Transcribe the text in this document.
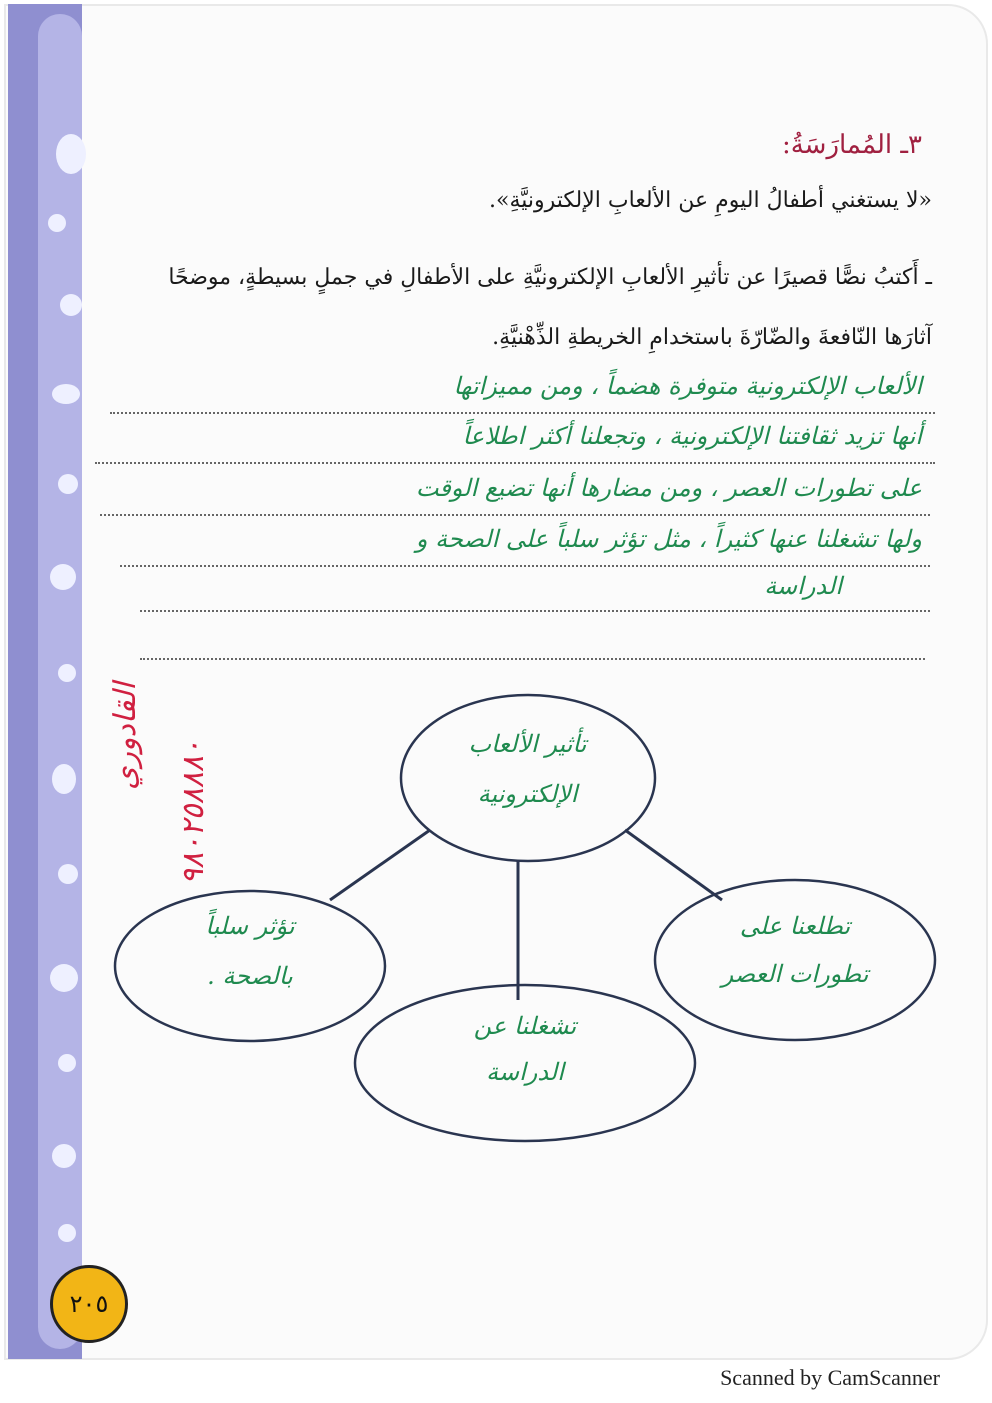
٣ـ المُمارَسَةُ:
«لا يستغني أطفالُ اليومِ عن الألعابِ الإلكترونيَّةِ».
ـ أَكتبُ نصًّا قصيرًا عن تأثيرِ الألعابِ الإلكترونيَّةِ على الأطفالِ في جملٍ بسيطةٍ، موضحًا
آثارَها النّافعةَ والضّارّةَ باستخدامِ الخريطةِ الذِّهْنيَّةِ.
الألعاب الإلكترونية متوفرة هضماً ، ومن مميزاتها
أنها تزيد ثقافتنا الإلكترونية ، وتجعلنا أكثر اطلاعاً
على تطورات العصر ، ومن مضارها أنها تضيع الوقت
ولها تشغلنا عنها كثيراً ، مثل تؤثر سلباً على الصحة و
الدراسة
القادوري
٩٨٠٢٥٨٨٨٠	تأثير الألعاب
الإلكترونية
تؤثر سلباً
بالصحة .
تشغلنا عن
الدراسة
تطلعنا على
تطورات العصر
٢٠٥
Scanned by CamScanner
